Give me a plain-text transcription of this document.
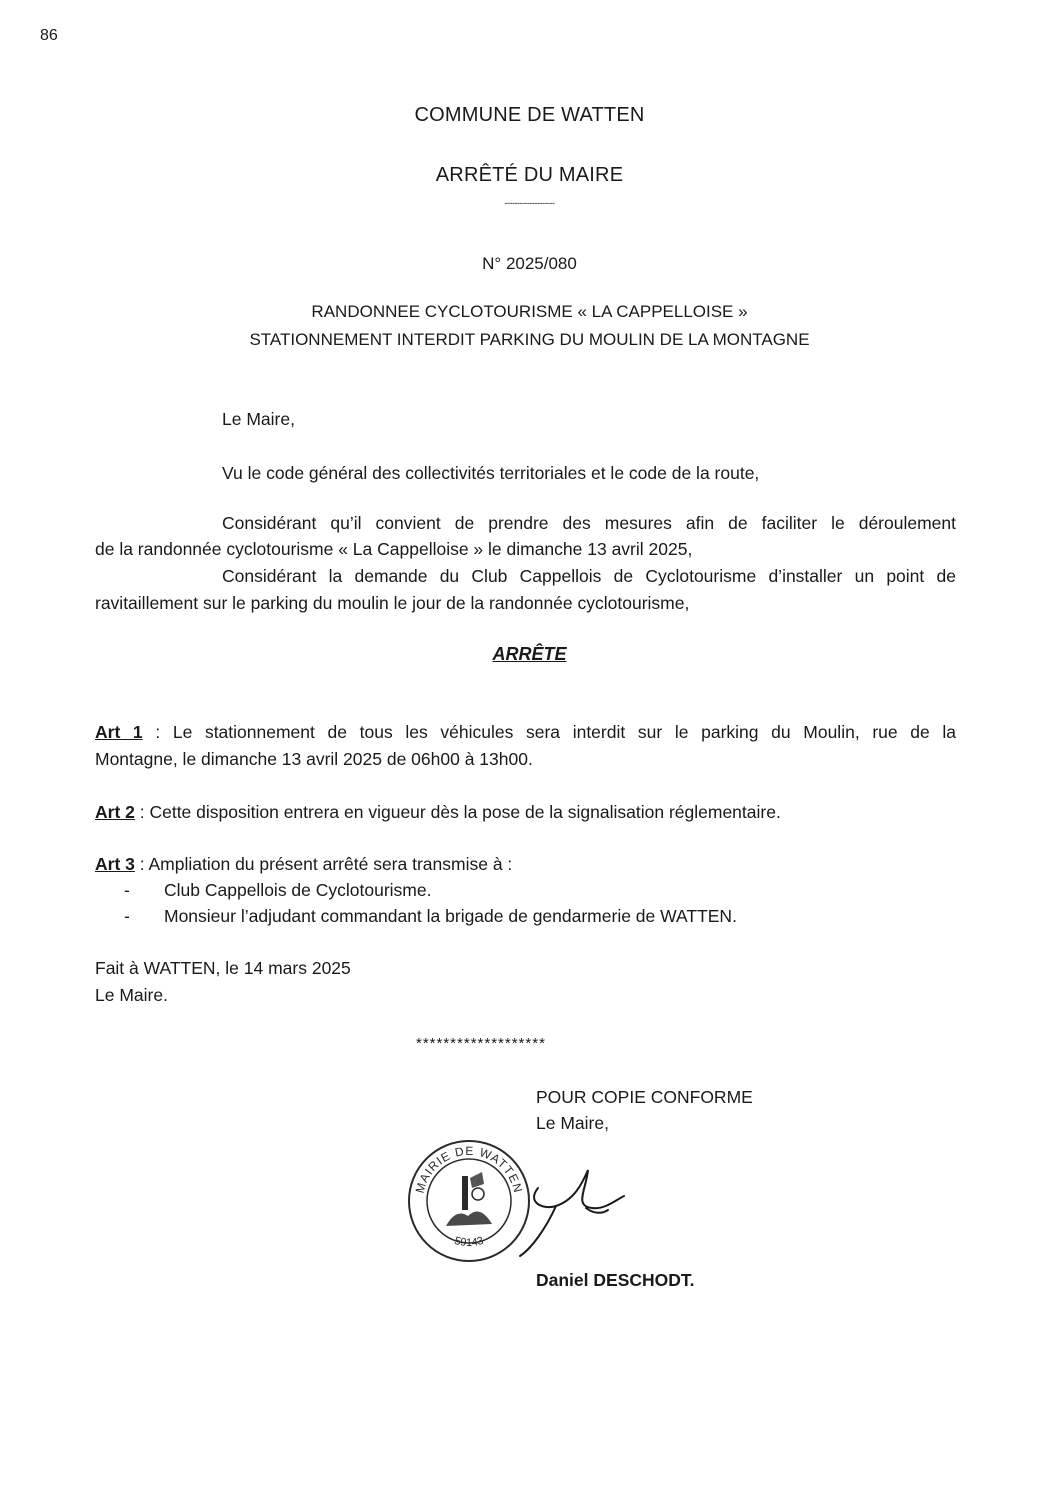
86
COMMUNE DE WATTEN
ARRÊTÉ DU MAIRE
--------------------
N° 2025/080
RANDONNEE CYCLOTOURISME « LA CAPPELLOISE »
STATIONNEMENT INTERDIT PARKING DU MOULIN DE LA MONTAGNE
Le Maire,
Vu le code général des collectivités territoriales et le code de la route,
Considérant qu’il convient de prendre des mesures afin de faciliter le déroulement
de la randonnée cyclotourisme « La Cappelloise » le dimanche 13 avril 2025,
Considérant la demande du Club Cappellois de Cyclotourisme d’installer un point de
ravitaillement sur le parking du moulin le jour de la randonnée cyclotourisme,
ARRÊTE
Art 1 : Le stationnement de tous les véhicules sera interdit sur le parking du Moulin, rue de la
Montagne, le dimanche 13 avril 2025 de 06h00 à 13h00.
Art 2 : Cette disposition entrera en vigueur dès la pose de la signalisation réglementaire.
Art 3 : Ampliation du présent arrêté sera transmise à :
- Club Cappellois de Cyclotourisme.
- Monsieur l’adjudant commandant la brigade de gendarmerie de WATTEN.
Fait à WATTEN, le 14 mars 2025
Le Maire.
*******************
POUR COPIE CONFORME
Le Maire,
MAIRIE DE WATTEN
59143
Daniel DESCHODT.
